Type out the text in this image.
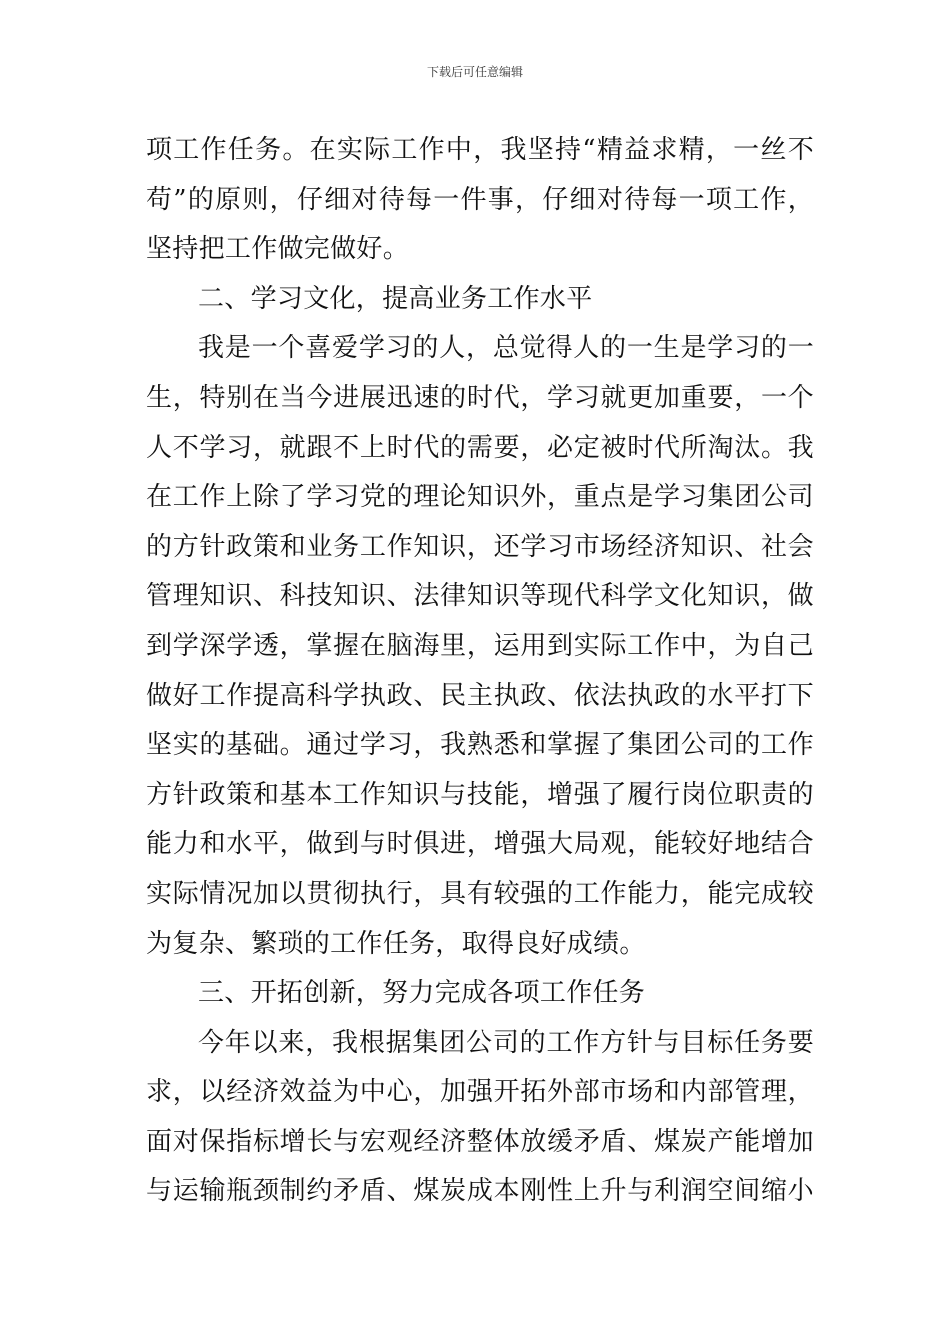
下载后可任意编辑
项工作任务。在实际工作中，我坚持“精益求精，一丝不
苟”的原则，仔细对待每一件事，仔细对待每一项工作，
坚持把工作做完做好。
二、学习文化，提高业务工作水平
我是一个喜爱学习的人，总觉得人的一生是学习的一
生，特别在当今进展迅速的时代，学习就更加重要，一个
人不学习，就跟不上时代的需要，必定被时代所淘汰。我
在工作上除了学习党的理论知识外，重点是学习集团公司
的方针政策和业务工作知识，还学习市场经济知识、社会
管理知识、科技知识、法律知识等现代科学文化知识，做
到学深学透，掌握在脑海里，运用到实际工作中，为自己
做好工作提高科学执政、民主执政、依法执政的水平打下
坚实的基础。通过学习，我熟悉和掌握了集团公司的工作
方针政策和基本工作知识与技能，增强了履行岗位职责的
能力和水平，做到与时俱进，增强大局观，能较好地结合
实际情况加以贯彻执行，具有较强的工作能力，能完成较
为复杂、繁琐的工作任务，取得良好成绩。
三、开拓创新，努力完成各项工作任务
今年以来，我根据集团公司的工作方针与目标任务要
求，以经济效益为中心，加强开拓外部市场和内部管理，
面对保指标增长与宏观经济整体放缓矛盾、煤炭产能增加
与运输瓶颈制约矛盾、煤炭成本刚性上升与利润空间缩小
